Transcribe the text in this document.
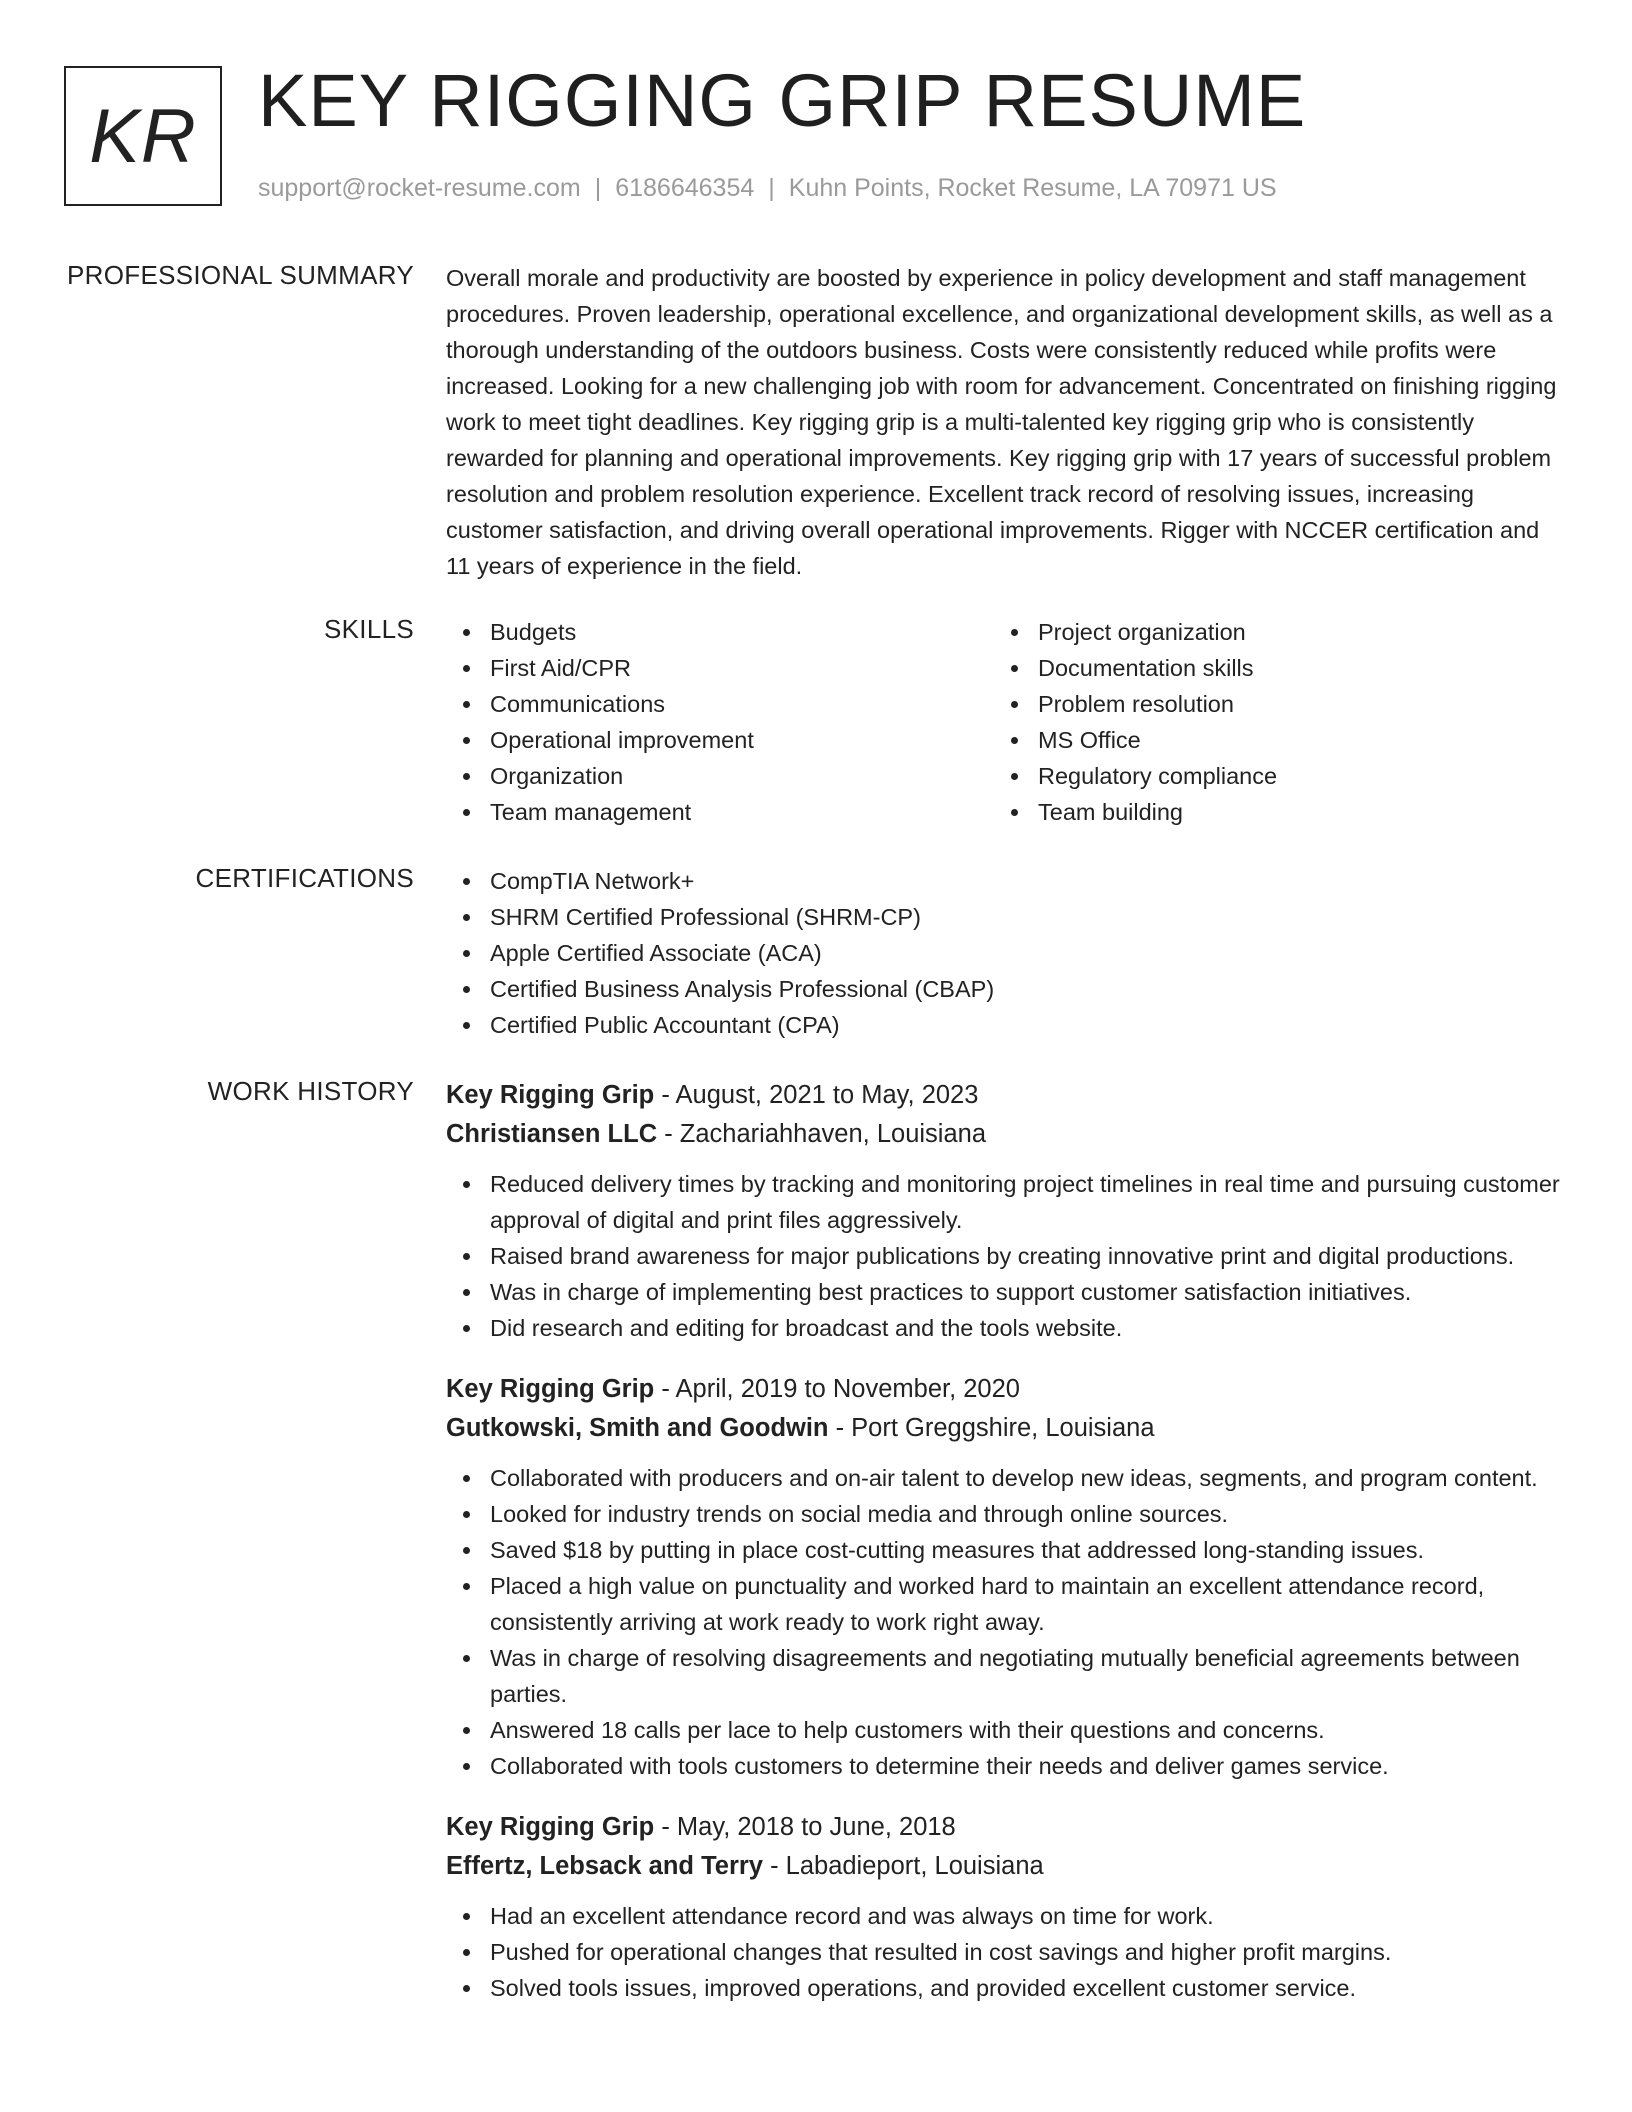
KR KEY RIGGING GRIP RESUME
support@rocket-resume.com | 6186646354 | Kuhn Points, Rocket Resume, LA 70971 US
PROFESSIONAL SUMMARY Overall morale and productivity are boosted by experience in policy development and staff management procedures. Proven leadership, operational excellence, and organizational development skills, as well as a thorough understanding of the outdoors business. Costs were consistently reduced while profits were increased. Looking for a new challenging job with room for advancement. Concentrated on finishing rigging work to meet tight deadlines. Key rigging grip is a multi-talented key rigging grip who is consistently rewarded for planning and operational improvements. Key rigging grip with 17 years of successful problem resolution and problem resolution experience. Excellent track record of resolving issues, increasing customer satisfaction, and driving overall operational improvements. Rigger with NCCER certification and 11 years of experience in the field.

SKILLS	Budgets
First Aid/CPR
Communications
Operational improvement
Organization
Team management
Project organization
Documentation skills
Problem resolution
MS Office
Regulatory compliance
Team building
CERTIFICATIONS	CompTIA Network+
SHRM Certified Professional (SHRM-CP)
Apple Certified Associate (ACA)
Certified Business Analysis Professional (CBAP)
Certified Public Accountant (CPA)
WORK HISTORY Key Rigging Grip - August, 2021 to May, 2023
Christiansen LLC - Zachariahhaven, Louisiana
Reduced delivery times by tracking and monitoring project timelines in real time and pursuing customer approval of digital and print files aggressively.
Raised brand awareness for major publications by creating innovative print and digital productions.
Was in charge of implementing best practices to support customer satisfaction initiatives.
Did research and editing for broadcast and the tools website.
Key Rigging Grip - April, 2019 to November, 2020
Gutkowski, Smith and Goodwin - Port Greggshire, Louisiana
Collaborated with producers and on-air talent to develop new ideas, segments, and program content.
Looked for industry trends on social media and through online sources.
Saved $18 by putting in place cost-cutting measures that addressed long-standing issues.
Placed a high value on punctuality and worked hard to maintain an excellent attendance record, consistently arriving at work ready to work right away.
Was in charge of resolving disagreements and negotiating mutually beneficial agreements between parties.
Answered 18 calls per lace to help customers with their questions and concerns.
Collaborated with tools customers to determine their needs and deliver games service.
Key Rigging Grip - May, 2018 to June, 2018
Effertz, Lebsack and Terry - Labadieport, Louisiana
Had an excellent attendance record and was always on time for work.
Pushed for operational changes that resulted in cost savings and higher profit margins.
Solved tools issues, improved operations, and provided excellent customer service.
